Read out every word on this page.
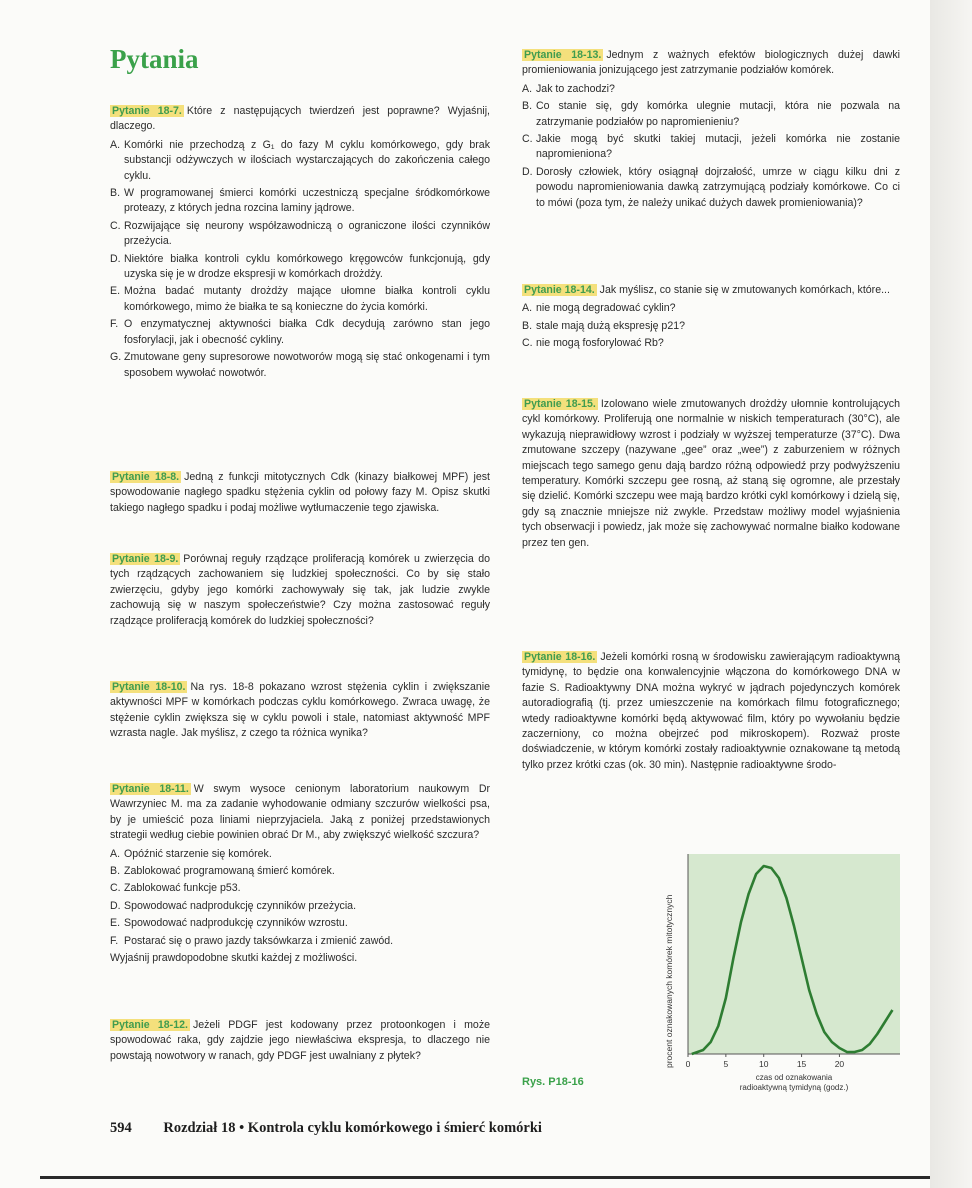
Pytania

Pytanie 18-7. Które z następujących twierdzeń jest poprawne? Wyjaśnij, dlaczego.

A. Komórki nie przechodzą z G₁ do fazy M cyklu komórkowego, gdy brak substancji odżywczych w ilościach wystarczających do zakończenia całego cyklu.
B. W programowanej śmierci komórki uczestniczą specjalne śródkomórkowe proteazy, z których jedna rozcina laminy jądrowe.
C. Rozwijające się neurony współzawodniczą o ograniczone ilości czynników przeżycia.
D. Niektóre białka kontroli cyklu komórkowego kręgowców funkcjonują, gdy uzyska się je w drodze ekspresji w komórkach drożdży.
E. Można badać mutanty drożdży mające ułomne białka kontroli cyklu komórkowego, mimo że białka te są konieczne do życia komórki.
F. O enzymatycznej aktywności białka Cdk decydują zarówno stan jego fosforylacji, jak i obecność cykliny.
G. Zmutowane geny supresorowe nowotworów mogą się stać onkogenami i tym sposobem wywołać nowotwór.

Pytanie 18-8. Jedną z funkcji mitotycznych Cdk (kinazy białkowej MPF) jest spowodowanie nagłego spadku stężenia cyklin od połowy fazy M. Opisz skutki takiego nagłego spadku i podaj możliwe wytłumaczenie tego zjawiska.

Pytanie 18-9. Porównaj reguły rządzące proliferacją komórek u zwierzęcia do tych rządzących zachowaniem się ludzkiej społeczności. Co by się stało zwierzęciu, gdyby jego komórki zachowywały się tak, jak ludzie zwykle zachowują się w naszym społeczeństwie? Czy można zastosować reguły rządzące proliferacją komórek do ludzkiej społeczności?

Pytanie 18-10. Na rys. 18-8 pokazano wzrost stężenia cyklin i zwiększanie aktywności MPF w komórkach podczas cyklu komórkowego. Zwraca uwagę, że stężenie cyklin zwiększa się w cyklu powoli i stale, natomiast aktywność MPF wzrasta nagle. Jak myślisz, z czego ta różnica wynika?

Pytanie 18-11. W swym wysoce cenionym laboratorium naukowym Dr Wawrzyniec M. ma za zadanie wyhodowanie odmiany szczurów wielkości psa, by je umieścić poza liniami nieprzyjaciela. Jaką z poniżej przedstawionych strategii według ciebie powinien obrać Dr M., aby zwiększyć wielkość szczura?

A. Opóźnić starzenie się komórek.
B. Zablokować programowaną śmierć komórek.
C. Zablokować funkcje p53.
D. Spowodować nadprodukcję czynników przeżycia.
E. Spowodować nadprodukcję czynników wzrostu.
F. Postarać się o prawo jazdy taksówkarza i zmienić zawód.

Wyjaśnij prawdopodobne skutki każdej z możliwości.

Pytanie 18-12. Jeżeli PDGF jest kodowany przez protoonkogen i może spowodować raka, gdy zajdzie jego niewłaściwa ekspresja, to dlaczego nie powstają nowotwory w ranach, gdy PDGF jest uwalniany z płytek?

Pytanie 18-13. Jednym z ważnych efektów biologicznych dużej dawki promieniowania jonizującego jest zatrzymanie podziałów komórek.

A. Jak to zachodzi?
B. Co stanie się, gdy komórka ulegnie mutacji, która nie pozwala na zatrzymanie podziałów po napromienieniu?
C. Jakie mogą być skutki takiej mutacji, jeżeli komórka nie zostanie napromieniona?
D. Dorosły człowiek, który osiągnął dojrzałość, umrze w ciągu kilku dni z powodu napromieniowania dawką zatrzymującą podziały komórkowe. Co ci to mówi (poza tym, że należy unikać dużych dawek promieniowania)?

Pytanie 18-14. Jak myślisz, co stanie się w zmutowanych komórkach, które...

A. nie mogą degradować cyklin?
B. stale mają dużą ekspresję p21?
C. nie mogą fosforylować Rb?

Pytanie 18-15. Izolowano wiele zmutowanych drożdży ułomnie kontrolujących cykl komórkowy. Proliferują one normalnie w niskich temperaturach (30°C), ale wykazują nieprawidłowy wzrost i podziały w wyższej temperaturze (37°C). Dwa zmutowane szczepy (nazywane „gee” oraz „wee”) z zaburzeniem w różnych miejscach tego samego genu dają bardzo różną odpowiedź przy podwyższeniu temperatury. Komórki szczepu gee rosną, aż staną się ogromne, ale przestały się dzielić. Komórki szczepu wee mają bardzo krótki cykl komórkowy i dzielą się, gdy są znacznie mniejsze niż zwykle. Przedstaw możliwy model wyjaśnienia tych obserwacji i powiedz, jak może się zachowywać normalne białko kodowane przez ten gen.

Pytanie 18-16. Jeżeli komórki rosną w środowisku zawierającym radioaktywną tymidynę, to będzie ona konwalencyjnie włączona do komórkowego DNA w fazie S. Radioaktywny DNA można wykryć w jądrach pojedynczych komórek autoradiografią (tj. przez umieszczenie na komórkach filmu fotograficznego; wtedy radioaktywne komórki będą aktywować film, który po wywołaniu będzie zaczerniony, co można obejrzeć pod mikroskopem). Rozważ proste doświadczenie, w którym komórki zostały radioaktywnie oznakowane tą metodą tylko przez krótki czas (ok. 30 min). Następnie radioaktywne środo-

procent oznakowanych komórek mitotycznych 0	5	10	15	20
czas od oznakowania
radioaktywną tymidyną (godz.)
Rys. P18-16
594 Rozdział 18 • Kontrola cyklu komórkowego i śmierć komórki
